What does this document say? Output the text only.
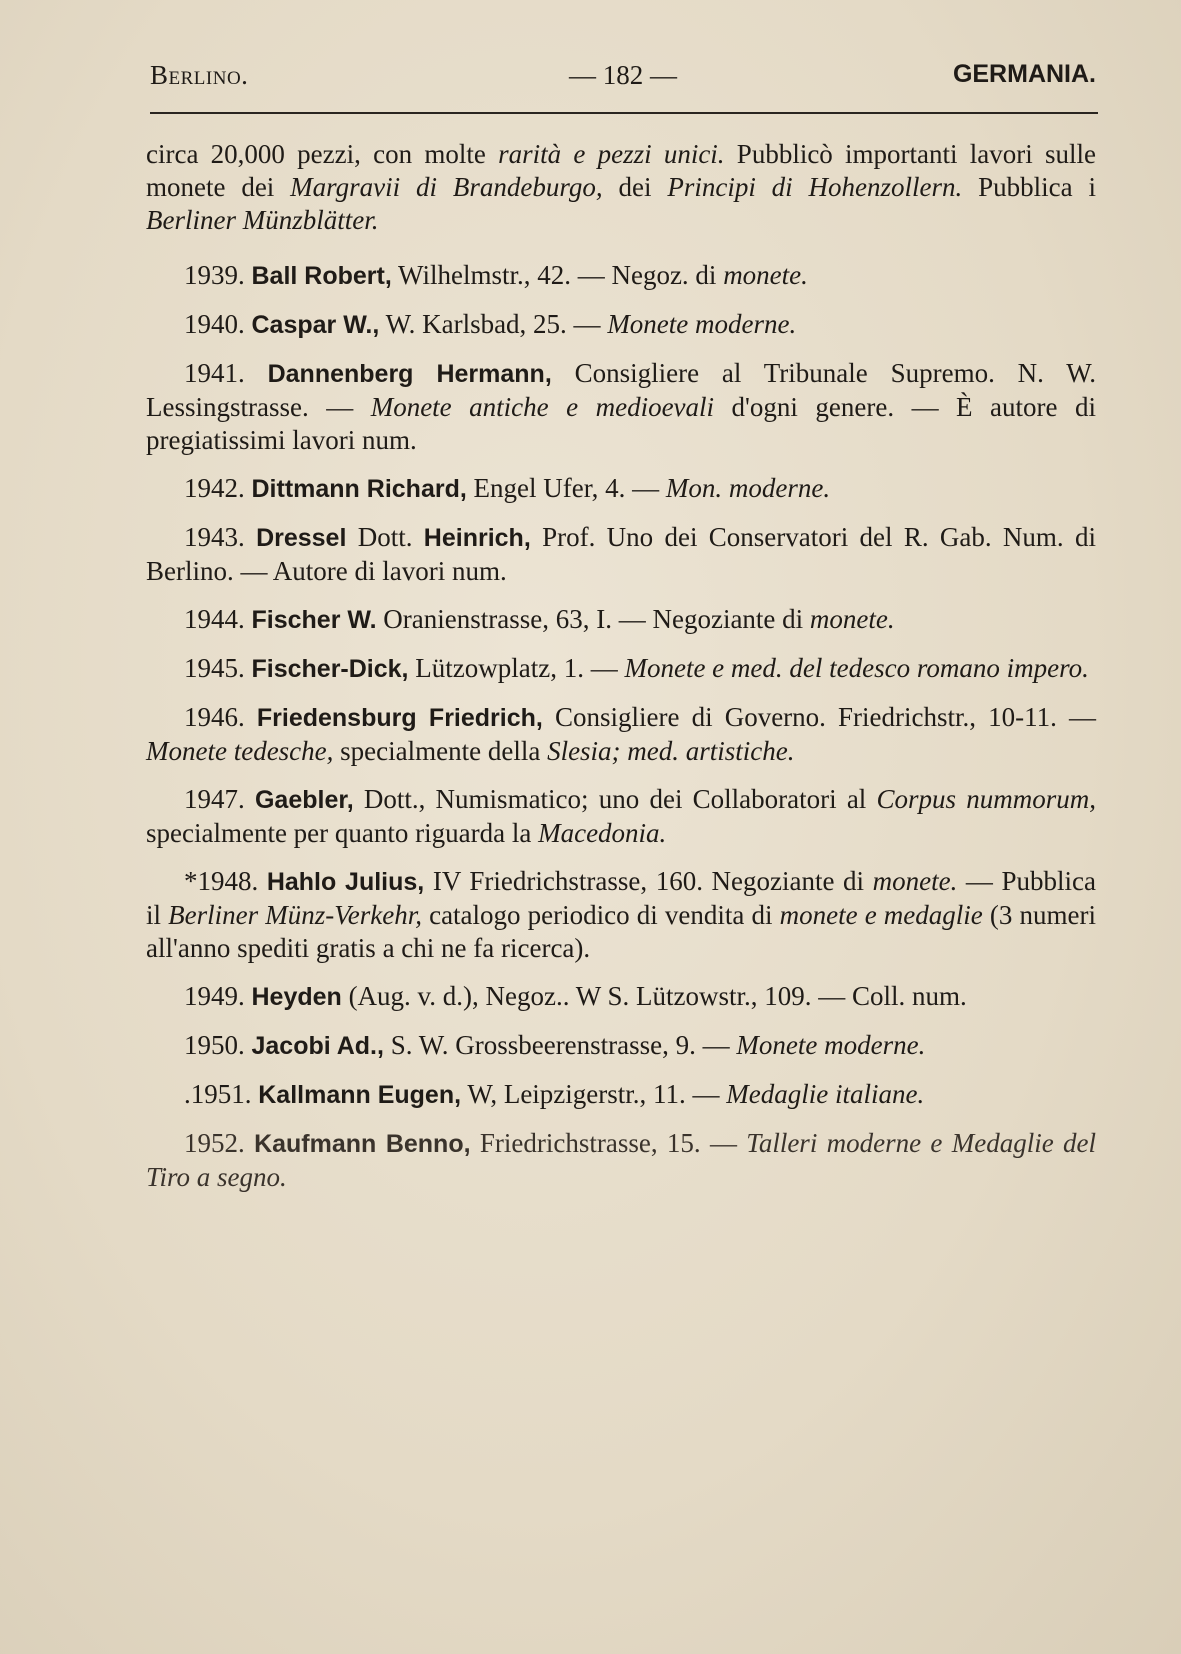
Berlino.	— 182 —	GERMANIA.

circa 20,000 pezzi, con molte rarità e pezzi unici. Pubblicò importanti lavori sulle monete dei Margravii di Brandeburgo, dei Principi di Hohenzollern. Pubblica i Berliner Münzblätter.

1939. Ball Robert, Wilhelmstr., 42. — Negoz. di monete.

1940. Caspar W., W. Karlsbad, 25. — Monete moderne.

1941. Dannenberg Hermann, Consigliere al Tribunale Supremo. N. W. Lessingstrasse. — Monete antiche e medioevali d'ogni genere. — È autore di pregiatissimi lavori num.

1942. Dittmann Richard, Engel Ufer, 4. — Mon. moderne.

1943. Dressel Dott. Heinrich, Prof. Uno dei Conservatori del R. Gab. Num. di Berlino. — Autore di lavori num.

1944. Fischer W. Oranienstrasse, 63, I. — Negoziante di monete.

1945. Fischer-Dick, Lützowplatz, 1. — Monete e med. del tedesco romano impero.

1946. Friedensburg Friedrich, Consigliere di Governo. Friedrichstr., 10-11. — Monete tedesche, specialmente della Slesia; med. artistiche.

1947. Gaebler, Dott., Numismatico; uno dei Collaboratori al Corpus nummorum, specialmente per quanto riguarda la Macedonia.

*1948. Hahlo Julius, IV Friedrichstrasse, 160. Negoziante di monete. — Pubblica il Berliner Münz-Verkehr, catalogo periodico di vendita di monete e medaglie (3 numeri all'anno spediti gratis a chi ne fa ricerca).

1949. Heyden (Aug. v. d.), Negoz.. W S. Lützowstr., 109. — Coll. num.

1950. Jacobi Ad., S. W. Grossbeerenstrasse, 9. — Monete moderne.

.1951. Kallmann Eugen, W, Leipzigerstr., 11. — Medaglie italiane.

1952. Kaufmann Benno, Friedrichstrasse, 15. — Talleri moderne e Medaglie del Tiro a segno.
